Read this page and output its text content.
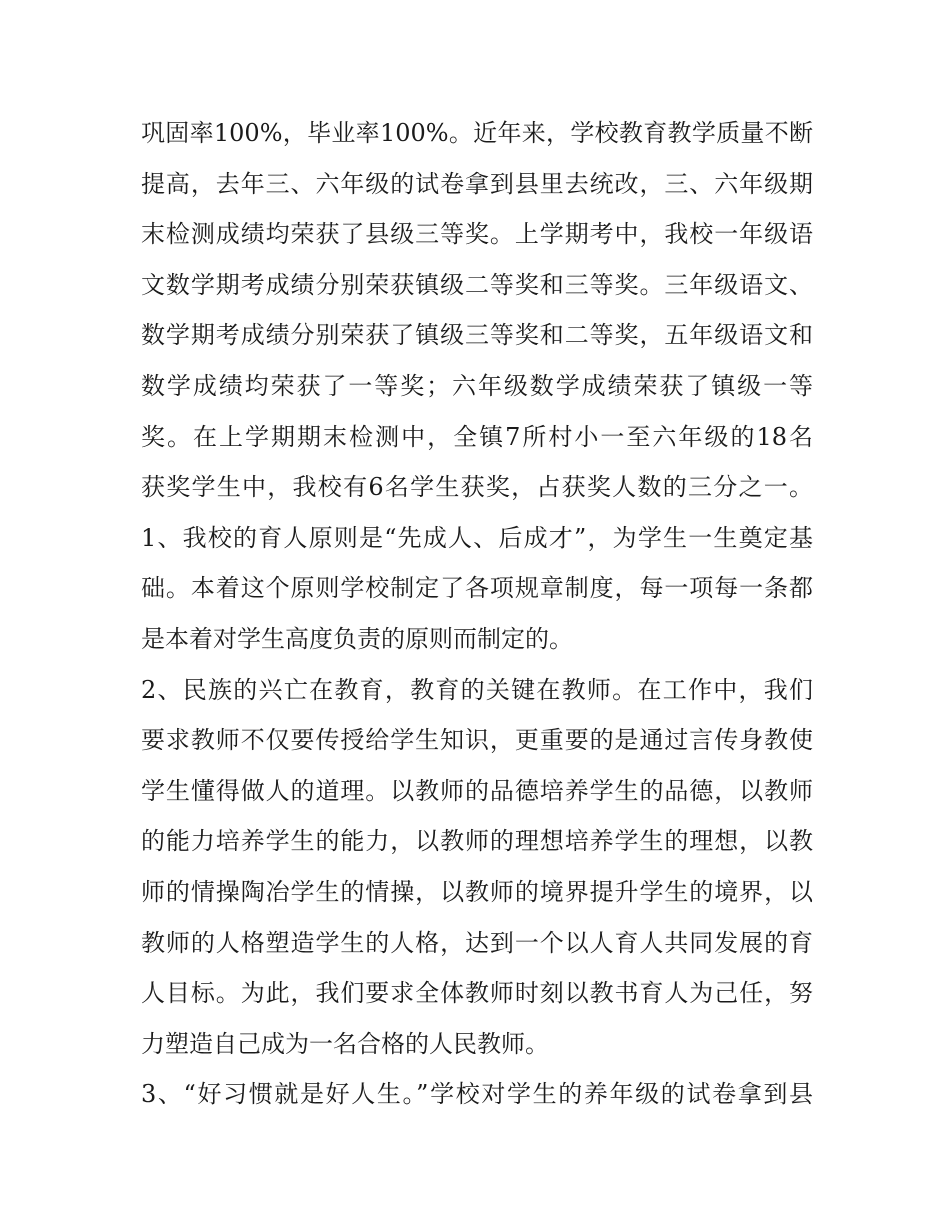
巩固率100%，毕业率100%。近年来，学校教育教学质量不断
提高，去年三、六年级的试卷拿到县里去统改，三、六年级期
末检测成绩均荣获了县级三等奖。上学期考中，我校一年级语
文数学期考成绩分别荣获镇级二等奖和三等奖。三年级语文、
数学期考成绩分别荣获了镇级三等奖和二等奖，五年级语文和
数学成绩均荣获了一等奖；六年级数学成绩荣获了镇级一等
奖。在上学期期末检测中，全镇7所村小一至六年级的18名
获奖学生中，我校有6名学生获奖，占获奖人数的三分之一。
1、我校的育人原则是“先成人、后成才”，为学生一生奠定基
础。本着这个原则学校制定了各项规章制度，每一项每一条都
是本着对学生高度负责的原则而制定的。
2、民族的兴亡在教育，教育的关键在教师。在工作中，我们
要求教师不仅要传授给学生知识，更重要的是通过言传身教使
学生懂得做人的道理。以教师的品德培养学生的品德，以教师
的能力培养学生的能力，以教师的理想培养学生的理想，以教
师的情操陶冶学生的情操，以教师的境界提升学生的境界，以
教师的人格塑造学生的人格，达到一个以人育人共同发展的育
人目标。为此，我们要求全体教师时刻以教书育人为己任，努
力塑造自己成为一名合格的人民教师。
3、“好习惯就是好人生。”学校对学生的养年级的试卷拿到县
